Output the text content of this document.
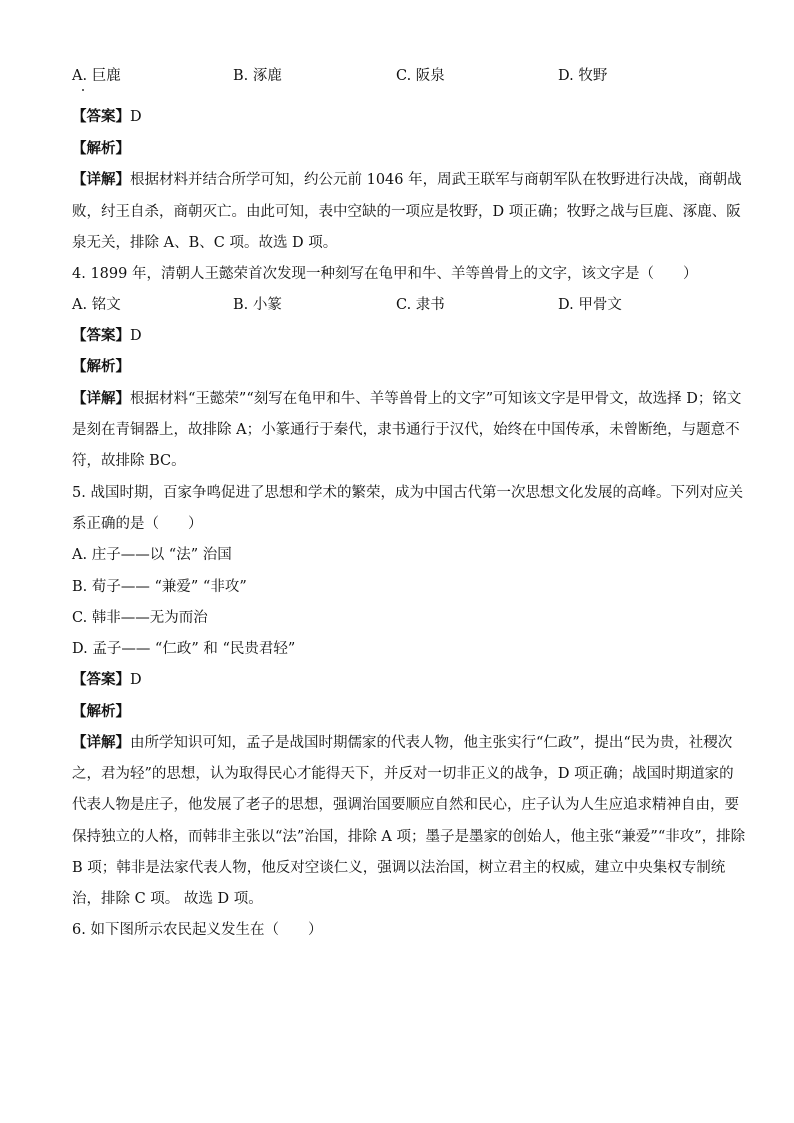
A. 巨鹿	B. 涿鹿	C. 阪泉	D. 牧野
【答案】D
【解析】
【详解】根据材料并结合所学可知，约公元前 1046 年，周武王联军与商朝军队在牧野进行决战，商朝战
败，纣王自杀，商朝灭亡。由此可知，表中空缺的一项应是牧野，D 项正确；牧野之战与巨鹿、涿鹿、阪
泉无关，排除 A、B、C 项。故选 D 项。
4. 1899 年，清朝人王懿荣首次发现一种刻写在龟甲和牛、羊等兽骨上的文字，该文字是（　　）
A. 铭文	B. 小篆	C. 隶书	D. 甲骨文
【答案】D
【解析】
【详解】根据材料“王懿荣”“刻写在龟甲和牛、羊等兽骨上的文字”可知该文字是甲骨文，故选择 D；铭文
是刻在青铜器上，故排除 A；小篆通行于秦代，隶书通行于汉代，始终在中国传承，未曾断绝，与题意不
符，故排除 BC。
5. 战国时期，百家争鸣促进了思想和学术的繁荣，成为中国古代第一次思想文化发展的高峰。下列对应关
系正确的是（　　）
A. 庄子——以 “法” 治国
B. 荀子—— “兼爱” “非攻”
C. 韩非——无为而治
D. 孟子—— “仁政” 和 “民贵君轻”
【答案】D
【解析】
【详解】由所学知识可知，孟子是战国时期儒家的代表人物，他主张实行“仁政”，提出“民为贵，社稷次
之，君为轻”的思想，认为取得民心才能得天下，并反对一切非正义的战争，D 项正确；战国时期道家的
代表人物是庄子，他发展了老子的思想，强调治国要顺应自然和民心，庄子认为人生应追求精神自由，要
保持独立的人格，而韩非主张以“法”治国，排除 A 项；墨子是墨家的创始人，他主张“兼爱”“非攻”，排除
B 项；韩非是法家代表人物，他反对空谈仁义，强调以法治国，树立君主的权威，建立中央集权专制统
治，排除 C 项。 故选 D 项。
6. 如下图所示农民起义发生在（　　）
